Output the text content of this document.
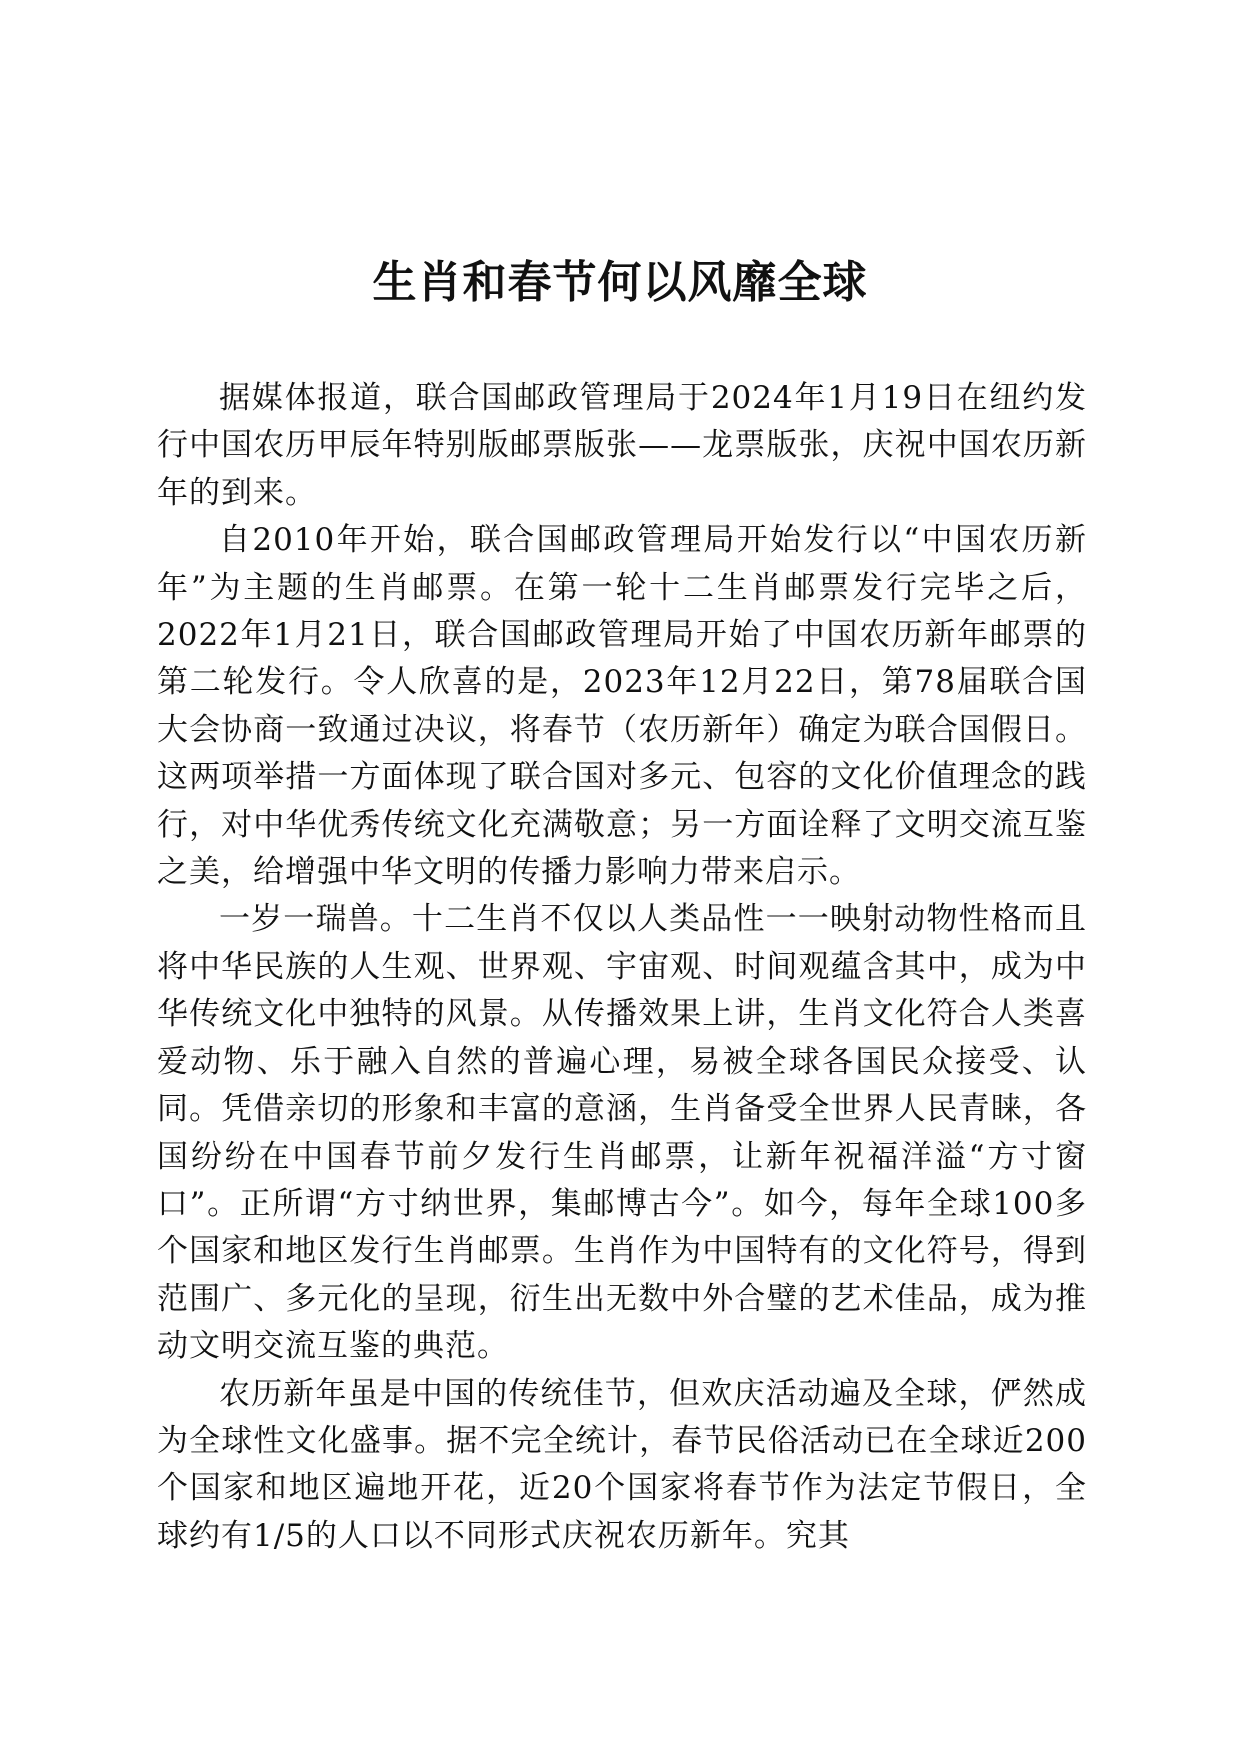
生肖和春节何以风靡全球

据媒体报道，联合国邮政管理局于2024年1月19日在纽约发行中国农历甲辰年特别版邮票版张——龙票版张，庆祝中国农历新年的到来。

自2010年开始，联合国邮政管理局开始发行以“中国农历新年”为主题的生肖邮票。在第一轮十二生肖邮票发行完毕之后，2022年1月21日，联合国邮政管理局开始了中国农历新年邮票的第二轮发行。令人欣喜的是，2023年12月22日，第78届联合国大会协商一致通过决议，将春节（农历新年）确定为联合国假日。这两项举措一方面体现了联合国对多元、包容的文化价值理念的践行，对中华优秀传统文化充满敬意；另一方面诠释了文明交流互鉴之美，给增强中华文明的传播力影响力带来启示。

一岁一瑞兽。十二生肖不仅以人类品性一一映射动物性格而且将中华民族的人生观、世界观、宇宙观、时间观蕴含其中，成为中华传统文化中独特的风景。从传播效果上讲，生肖文化符合人类喜爱动物、乐于融入自然的普遍心理，易被全球各国民众接受、认同。凭借亲切的形象和丰富的意涵，生肖备受全世界人民青睐，各国纷纷在中国春节前夕发行生肖邮票，让新年祝福洋溢“方寸窗口”。正所谓“方寸纳世界，集邮博古今”。如今，每年全球100多个国家和地区发行生肖邮票。生肖作为中国特有的文化符号，得到范围广、多元化的呈现，衍生出无数中外合璧的艺术佳品，成为推动文明交流互鉴的典范。

农历新年虽是中国的传统佳节，但欢庆活动遍及全球，俨然成为全球性文化盛事。据不完全统计，春节民俗活动已在全球近200个国家和地区遍地开花，近20个国家将春节作为法定节假日，全球约有1/5的人口以不同形式庆祝农历新年。究其
